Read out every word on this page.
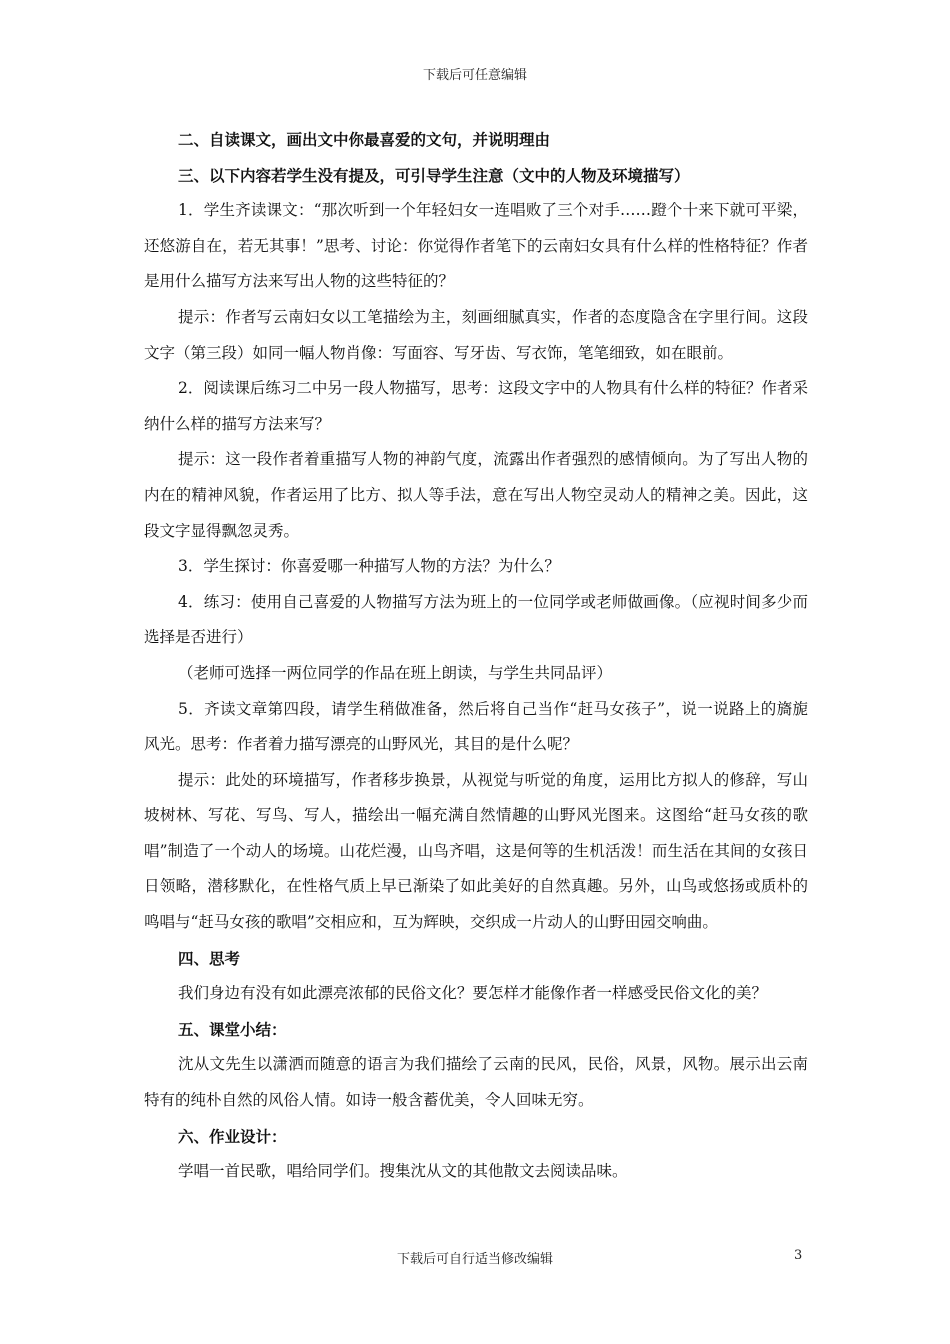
下载后可任意编辑

二、自读课文，画出文中你最喜爱的文句，并说明理由

三、以下内容若学生没有提及，可引导学生注意（文中的人物及环境描写）

1．学生齐读课文：“那次听到一个年轻妇女一连唱败了三个对手……蹬个十来下就可平梁，还悠游自在，若无其事！”思考、讨论：你觉得作者笔下的云南妇女具有什么样的性格特征？作者是用什么描写方法来写出人物的这些特征的？

提示：作者写云南妇女以工笔描绘为主，刻画细腻真实，作者的态度隐含在字里行间。这段文字（第三段）如同一幅人物肖像：写面容、写牙齿、写衣饰，笔笔细致，如在眼前。

2．阅读课后练习二中另一段人物描写，思考：这段文字中的人物具有什么样的特征？作者采纳什么样的描写方法来写？

提示：这一段作者着重描写人物的神韵气度，流露出作者强烈的感情倾向。为了写出人物的内在的精神风貌，作者运用了比方、拟人等手法，意在写出人物空灵动人的精神之美。因此，这段文字显得飘忽灵秀。

3．学生探讨：你喜爱哪一种描写人物的方法？为什么？

4．练习：使用自己喜爱的人物描写方法为班上的一位同学或老师做画像。（应视时间多少而选择是否进行）

（老师可选择一两位同学的作品在班上朗读，与学生共同品评）

5．齐读文章第四段，请学生稍做准备，然后将自己当作“赶马女孩子”，说一说路上的旖旎风光。思考：作者着力描写漂亮的山野风光，其目的是什么呢？

提示：此处的环境描写，作者移步换景，从视觉与听觉的角度，运用比方拟人的修辞，写山坡树林、写花、写鸟、写人，描绘出一幅充满自然情趣的山野风光图来。这图给“赶马女孩的歌唱”制造了一个动人的场境。山花烂漫，山鸟齐唱，这是何等的生机活泼！而生活在其间的女孩日日领略，潜移默化，在性格气质上早已渐染了如此美好的自然真趣。另外，山鸟或悠扬或质朴的鸣唱与“赶马女孩的歌唱”交相应和，互为辉映，交织成一片动人的山野田园交响曲。

四、思考

我们身边有没有如此漂亮浓郁的民俗文化？要怎样才能像作者一样感受民俗文化的美？

五、课堂小结：

沈从文先生以潇洒而随意的语言为我们描绘了云南的民风，民俗，风景，风物。展示出云南特有的纯朴自然的风俗人情。如诗一般含蓄优美，令人回味无穷。

六、作业设计：

学唱一首民歌，唱给同学们。搜集沈从文的其他散文去阅读品味。

下载后可自行适当修改编辑	3
